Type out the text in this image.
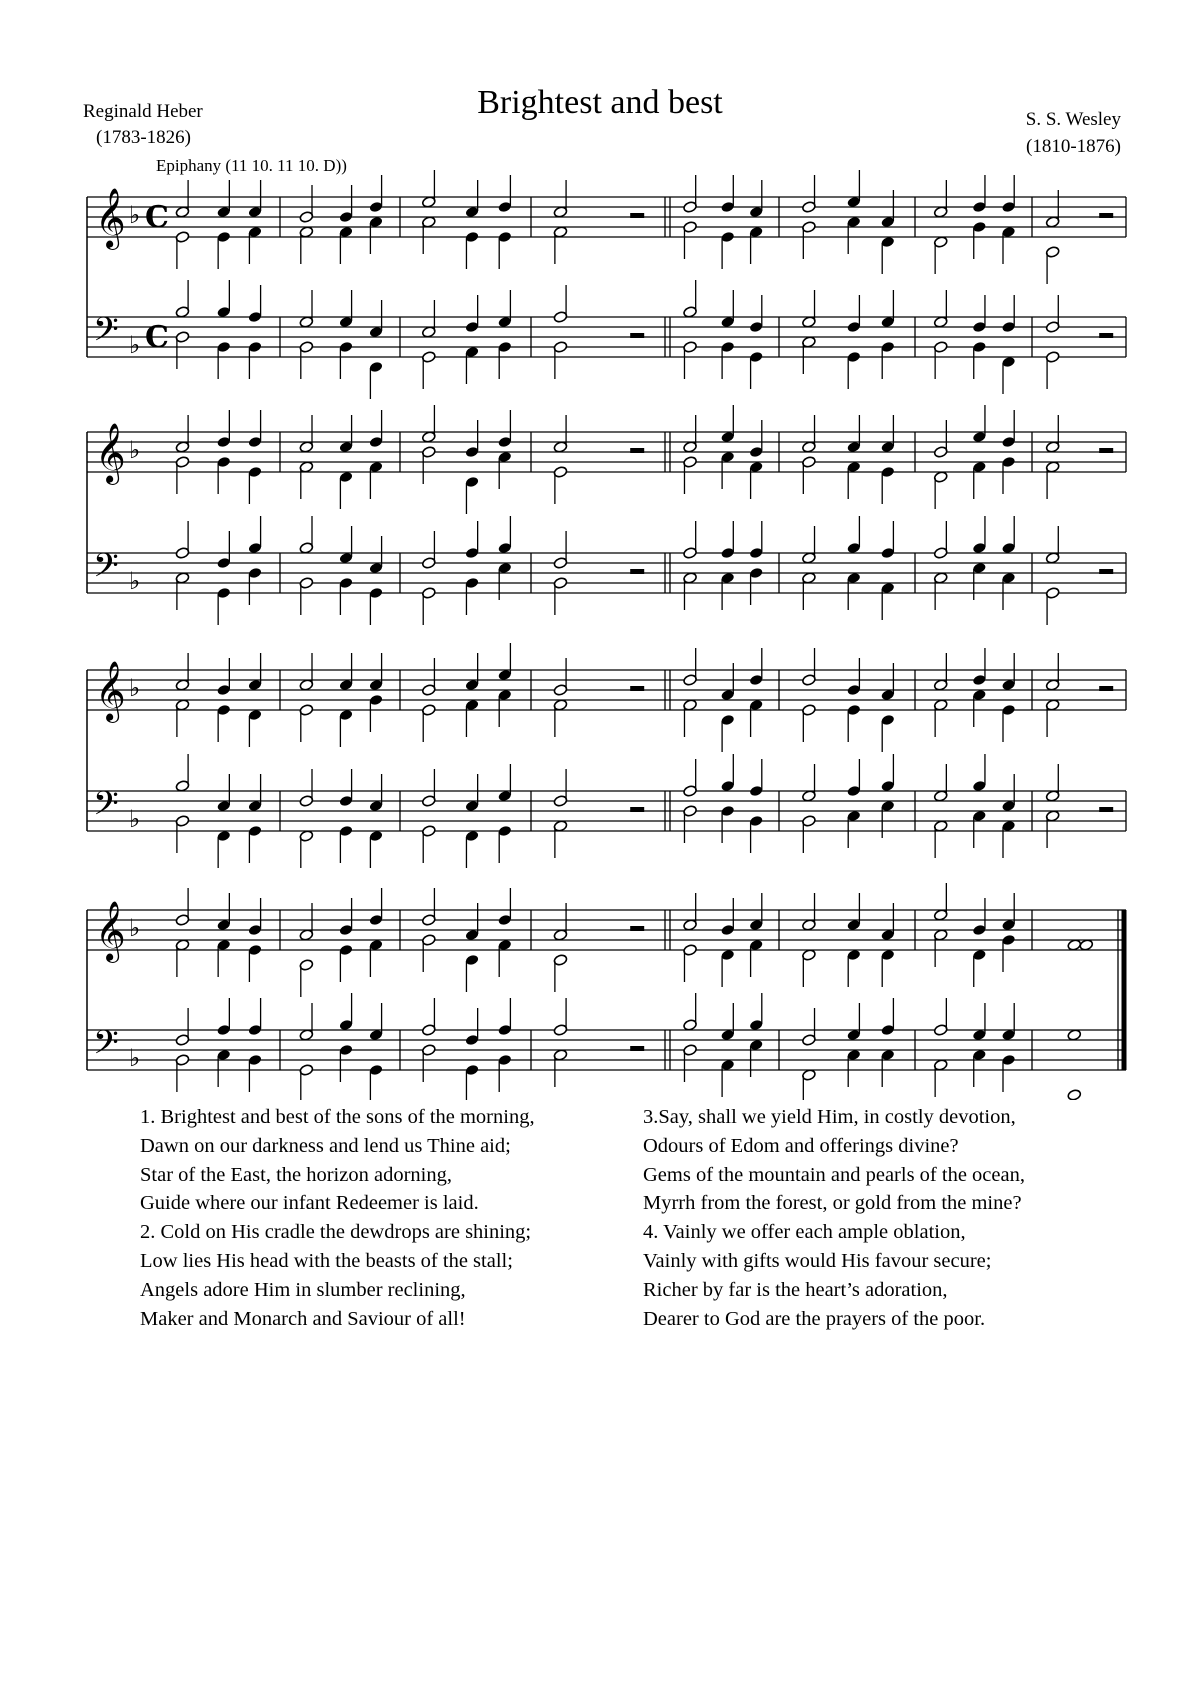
Brightest and best
Reginald Heber
(1783-1826)
Epiphany (11 10. 11 10. D))
S. S. Wesley
(1810-1876)
𝄞
𝄢
♭
♭
C
C
𝄞
𝄢
♭
♭
𝄞
𝄢
♭
♭
𝄞
𝄢
♭
♭
1. Brightest and best of the sons of the morning,
Dawn on our darkness and lend us Thine aid;
Star of the East, the horizon adorning,
Guide where our infant Redeemer is laid.
2. Cold on His cradle the dewdrops are shining;
Low lies His head with the beasts of the stall;
Angels adore Him in slumber reclining,
Maker and Monarch and Saviour of all!
3.Say, shall we yield Him, in costly devotion,
Odours of Edom and offerings divine?
Gems of the mountain and pearls of the ocean,
Myrrh from the forest, or gold from the mine?
4. Vainly we offer each ample oblation,
Vainly with gifts would His favour secure;
Richer by far is the heart’s adoration,
Dearer to God are the prayers of the poor.
